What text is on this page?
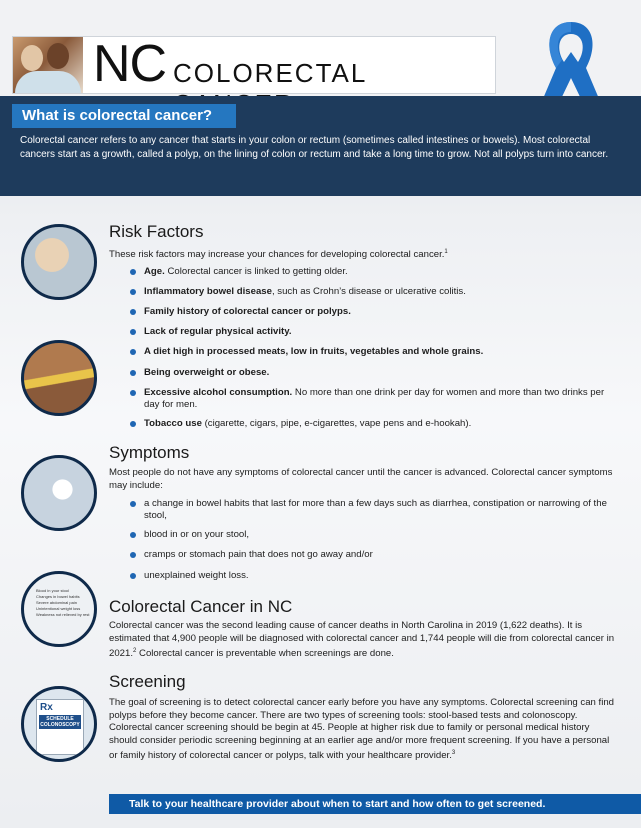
NC COLORECTAL
What is colorectal cancer?
Colorectal cancer refers to any cancer that starts in your colon or rectum (sometimes called intestines or bowels). Most colorectal cancers start as a growth, called a polyp, on the lining of colon or rectum and take a long time to grow. Not all polyps turn into cancer.
Risk Factors
These risk factors may increase your chances for developing colorectal cancer.$^1$
Age. Colorectal cancer is linked to getting older.
Inflammatory bowel disease, such as Crohn’s disease or ulcerative colitis.
Family history of colorectal cancer or polyps.
Lack of regular physical activity.
A diet high in processed meats, low in fruits, vegetables and whole grains.
Being overweight or obese.
Excessive alcohol consumption. No more than one drink per day for women and more than two drinks per day for men.
Tobacco use (cigarette, cigars, pipe, e-cigarettes, vape pens and e-hookah).
Symptoms
Most people do not have any symptoms of colorectal cancer until the cancer is advanced. Colorectal cancer symptoms may include:
a change in bowel habits that last for more than a few days such as diarrhea, constipation or narrowing of the stool,
blood in or on your stool,
cramps or stomach pain that does not go away and/or
unexplained weight loss.
Blood in your stool
Changes in bowel habits
Severe abdominal pain
Unintentional weight loss
Weakness not relieved by rest	Colorectal Cancer in NC
Colorectal cancer was the second leading cause of cancer deaths in North Carolina in 2019 (1,622 deaths). It is estimated that 4,900 people will be diagnosed with colorectal cancer and 1,744 people will die from colorectal cancer in 2021.$^2$ Colorectal cancer is preventable when screenings are done.
Rx
SCHEDULE
COLONOSCOPY
Screening
The goal of screening is to detect colorectal cancer early before you have any symptoms. Colorectal screening can find polyps before they become cancer. There are two types of screening tools: stool-based tests and colonoscopy. Colorectal cancer screening should be begin at 45. People at higher risk due to family or personal medical history should consider periodic screening beginning at an earlier age and/or more frequent screening. If you have a personal or family history of colorectal cancer or polyps, talk with your healthcare provider.$^3$
Talk to your healthcare provider about when to start and how often to get screened.
